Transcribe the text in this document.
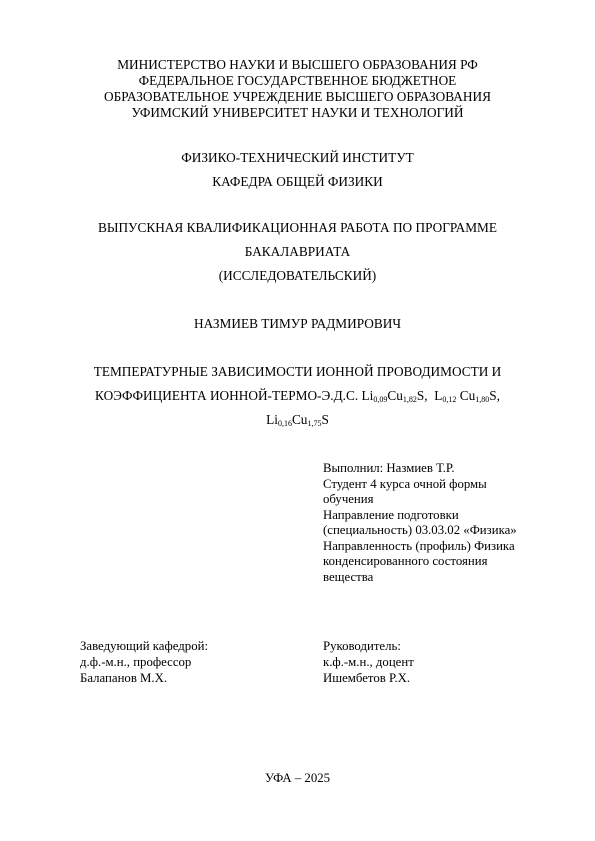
МИНИСТЕРСТВО НАУКИ И ВЫСШЕГО ОБРАЗОВАНИЯ РФ
ФЕДЕРАЛЬНОЕ ГОСУДАРСТВЕННОЕ БЮДЖЕТНОЕ
ОБРАЗОВАТЕЛЬНОЕ УЧРЕЖДЕНИЕ ВЫСШЕГО ОБРАЗОВАНИЯ
УФИМСКИЙ УНИВЕРСИТЕТ НАУКИ И ТЕХНОЛОГИЙ
ФИЗИКО-ТЕХНИЧЕСКИЙ ИНСТИТУТ
КАФЕДРА ОБЩЕЙ ФИЗИКИ
ВЫПУСКНАЯ КВАЛИФИКАЦИОННАЯ РАБОТА ПО ПРОГРАММЕ
БАКАЛАВРИАТА
(ИССЛЕДОВАТЕЛЬСКИЙ)
НАЗМИЕВ ТИМУР РАДМИРОВИЧ
ТЕМПЕРАТУРНЫЕ ЗАВИСИМОСТИ ИОННОЙ ПРОВОДИМОСТИ И
КОЭФФИЦИЕНТА ИОННОЙ-ТЕРМО-Э.Д.С. $Li_{0,09}Cu_{1,82}S$, $L_{0,12}$ $Cu_{1,80}S$,
$Li_{0,16}Cu_{1,75}S$
Выполнил: Назмиев Т.Р.
Студент 4 курса очной формы
обучения
Направление подготовки
(специальность) 03.03.02 «Физика»
Направленность (профиль) Физика
конденсированного состояния
вещества
Заведующий кафедрой:
д.ф.-м.н., профессор
Балапанов М.Х.
Руководитель:
к.ф.-м.н., доцент
Ишембетов Р.Х.
УФА – 2025
